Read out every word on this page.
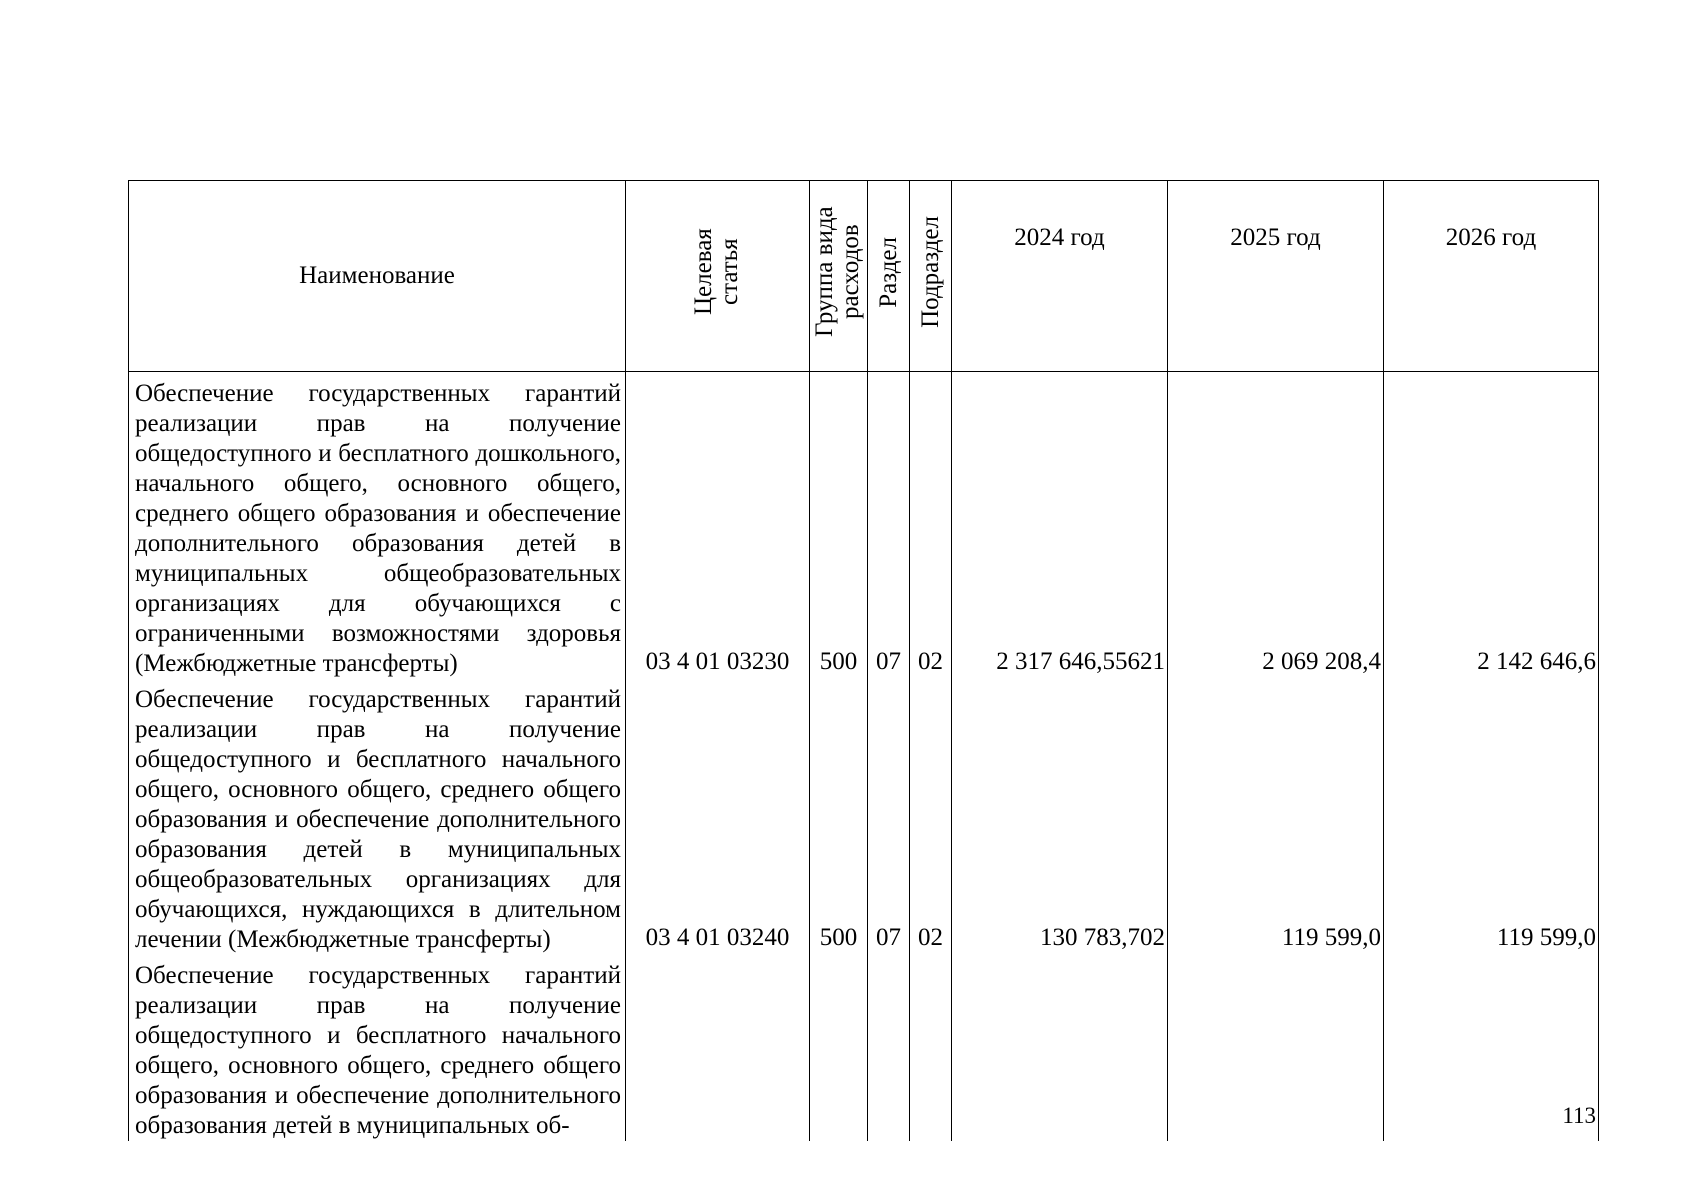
Наименование	Целевая статья	Группа вида расходов	Раздел	Подраздел	2024 год	2025 год	2026 год

Обеспечение государственных гарантий реализации прав на получение общедоступного и бесплатного дошкольного, начального общего, основного общего, среднего общего образования и обеспечение дополнительного образования детей в муниципальных общеобразовательных организациях для обучающихся с ограниченными возможностями здоровья (Межбюджетные трансферты)	03 4 01 03230	500	07	02	2 317 646,55621	2 069 208,4	2 142 646,6

Обеспечение государственных гарантий реализации прав на получение общедоступного и бесплатного начального общего, основного общего, среднего общего образования и обеспечение дополнительного образования детей в муниципальных общеобразовательных организациях для обучающихся, нуждающихся в длительном лечении (Межбюджетные трансферты)	03 4 01 03240	500	07	02	130 783,702	119 599,0	119 599,0

Обеспечение государственных гарантий реализации прав на получение общедоступного и бесплатного начального общего, основного общего, среднего общего образования и обеспечение дополнительного образования детей в муниципальных об-							
								113
